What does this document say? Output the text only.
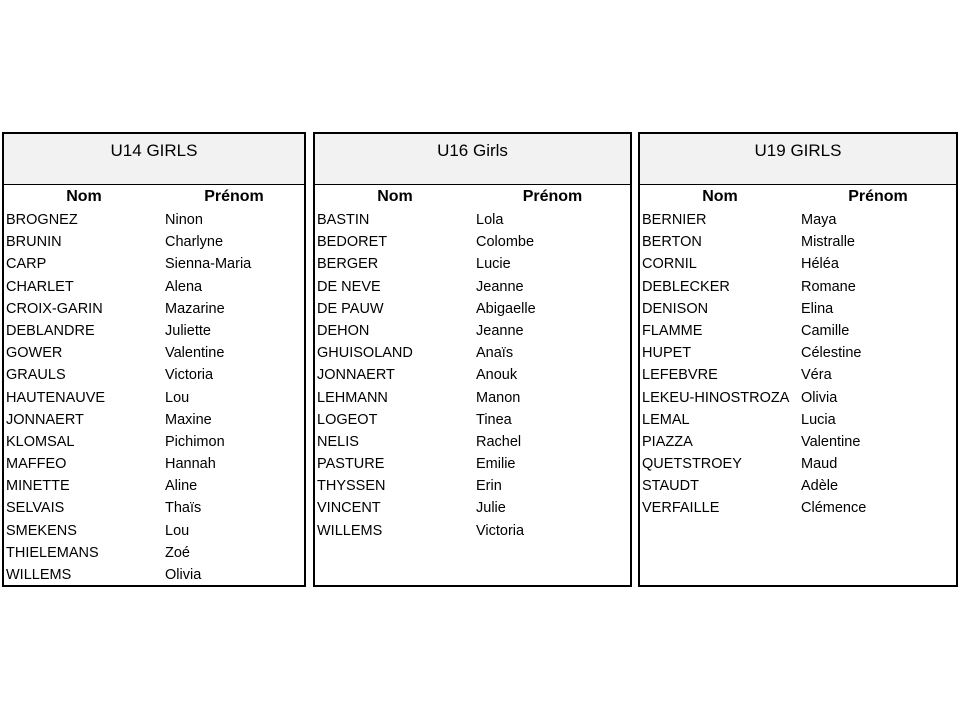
U14 GIRLS
Nom	Prénom
BROGNEZ	Ninon
BRUNIN	Charlyne
CARP	Sienna-Maria
CHARLET	Alena
CROIX-GARIN	Mazarine
DEBLANDRE	Juliette
GOWER	Valentine
GRAULS	Victoria
HAUTENAUVE	Lou
JONNAERT	Maxine
KLOMSAL	Pichimon
MAFFEO	Hannah
MINETTE	Aline
SELVAIS	Thaïs
SMEKENS	Lou
THIELEMANS	Zoé
WILLEMS	Olivia
U16 Girls
Nom	Prénom
BASTIN	Lola
BEDORET	Colombe
BERGER	Lucie
DE NEVE	Jeanne
DE PAUW	Abigaelle
DEHON	Jeanne
GHUISOLAND	Anaïs
JONNAERT	Anouk
LEHMANN	Manon
LOGEOT	Tinea
NELIS	Rachel
PASTURE	Emilie
THYSSEN	Erin
VINCENT	Julie
WILLEMS	Victoria
U19 GIRLS
Nom	Prénom
BERNIER	Maya
BERTON	Mistralle
CORNIL	Héléa
DEBLECKER	Romane
DENISON	Elina
FLAMME	Camille
HUPET	Célestine
LEFEBVRE	Véra
LEKEU-HINOSTROZA Olivia
LEMAL	Lucia
PIAZZA	Valentine
QUETSTROEY	Maud
STAUDT	Adèle
VERFAILLE	Clémence
